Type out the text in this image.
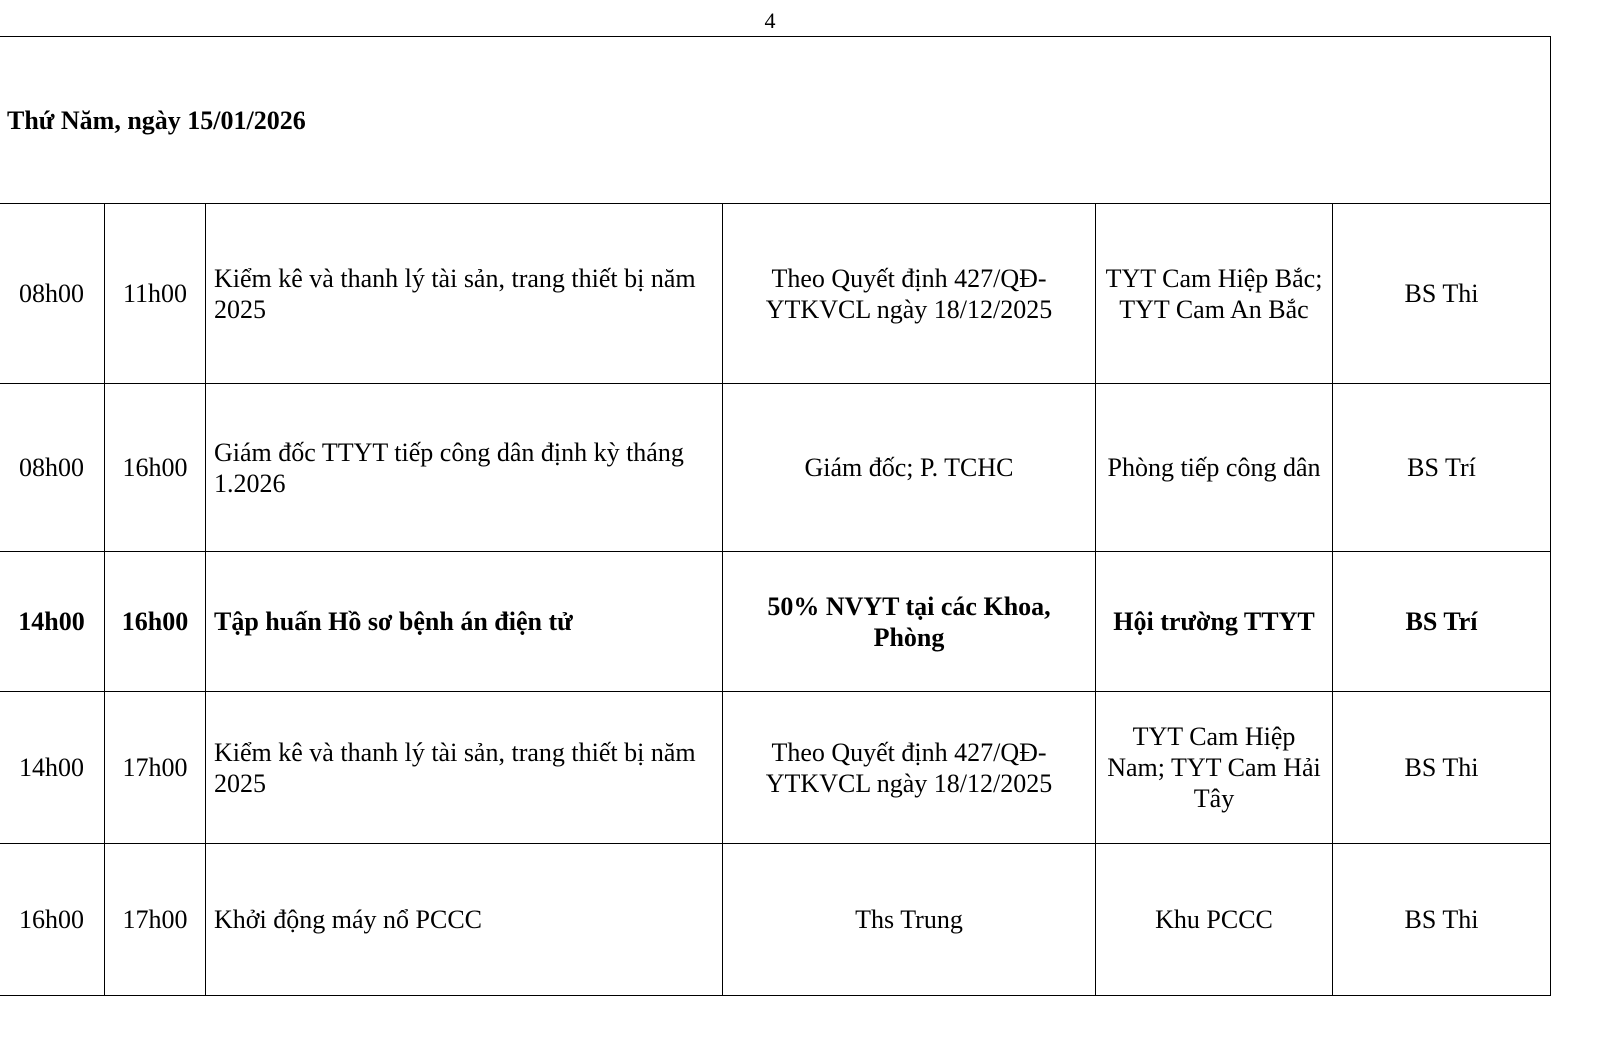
4
Thứ Năm, ngày 15/01/2026					
08h00	11h00	Kiểm kê và thanh lý tài sản, trang thiết bị năm 2025	Theo Quyết định 427/QĐ-YTKVCL ngày 18/12/2025	TYT Cam Hiệp Bắc; TYT Cam An Bắc	BS Thi
08h00	16h00	Giám đốc TTYT tiếp công dân định kỳ tháng 1.2026	Giám đốc; P. TCHC	Phòng tiếp công dân	BS Trí
14h00	16h00	Tập huấn Hồ sơ bệnh án điện tử	50% NVYT tại các Khoa, Phòng	Hội trường TTYT	BS Trí
14h00	17h00	Kiểm kê và thanh lý tài sản, trang thiết bị năm 2025	Theo Quyết định 427/QĐ-YTKVCL ngày 18/12/2025	TYT Cam Hiệp Nam; TYT Cam Hải Tây	BS Thi
16h00	17h00	Khởi động máy nổ PCCC	Ths Trung	Khu PCCC	BS Thi
